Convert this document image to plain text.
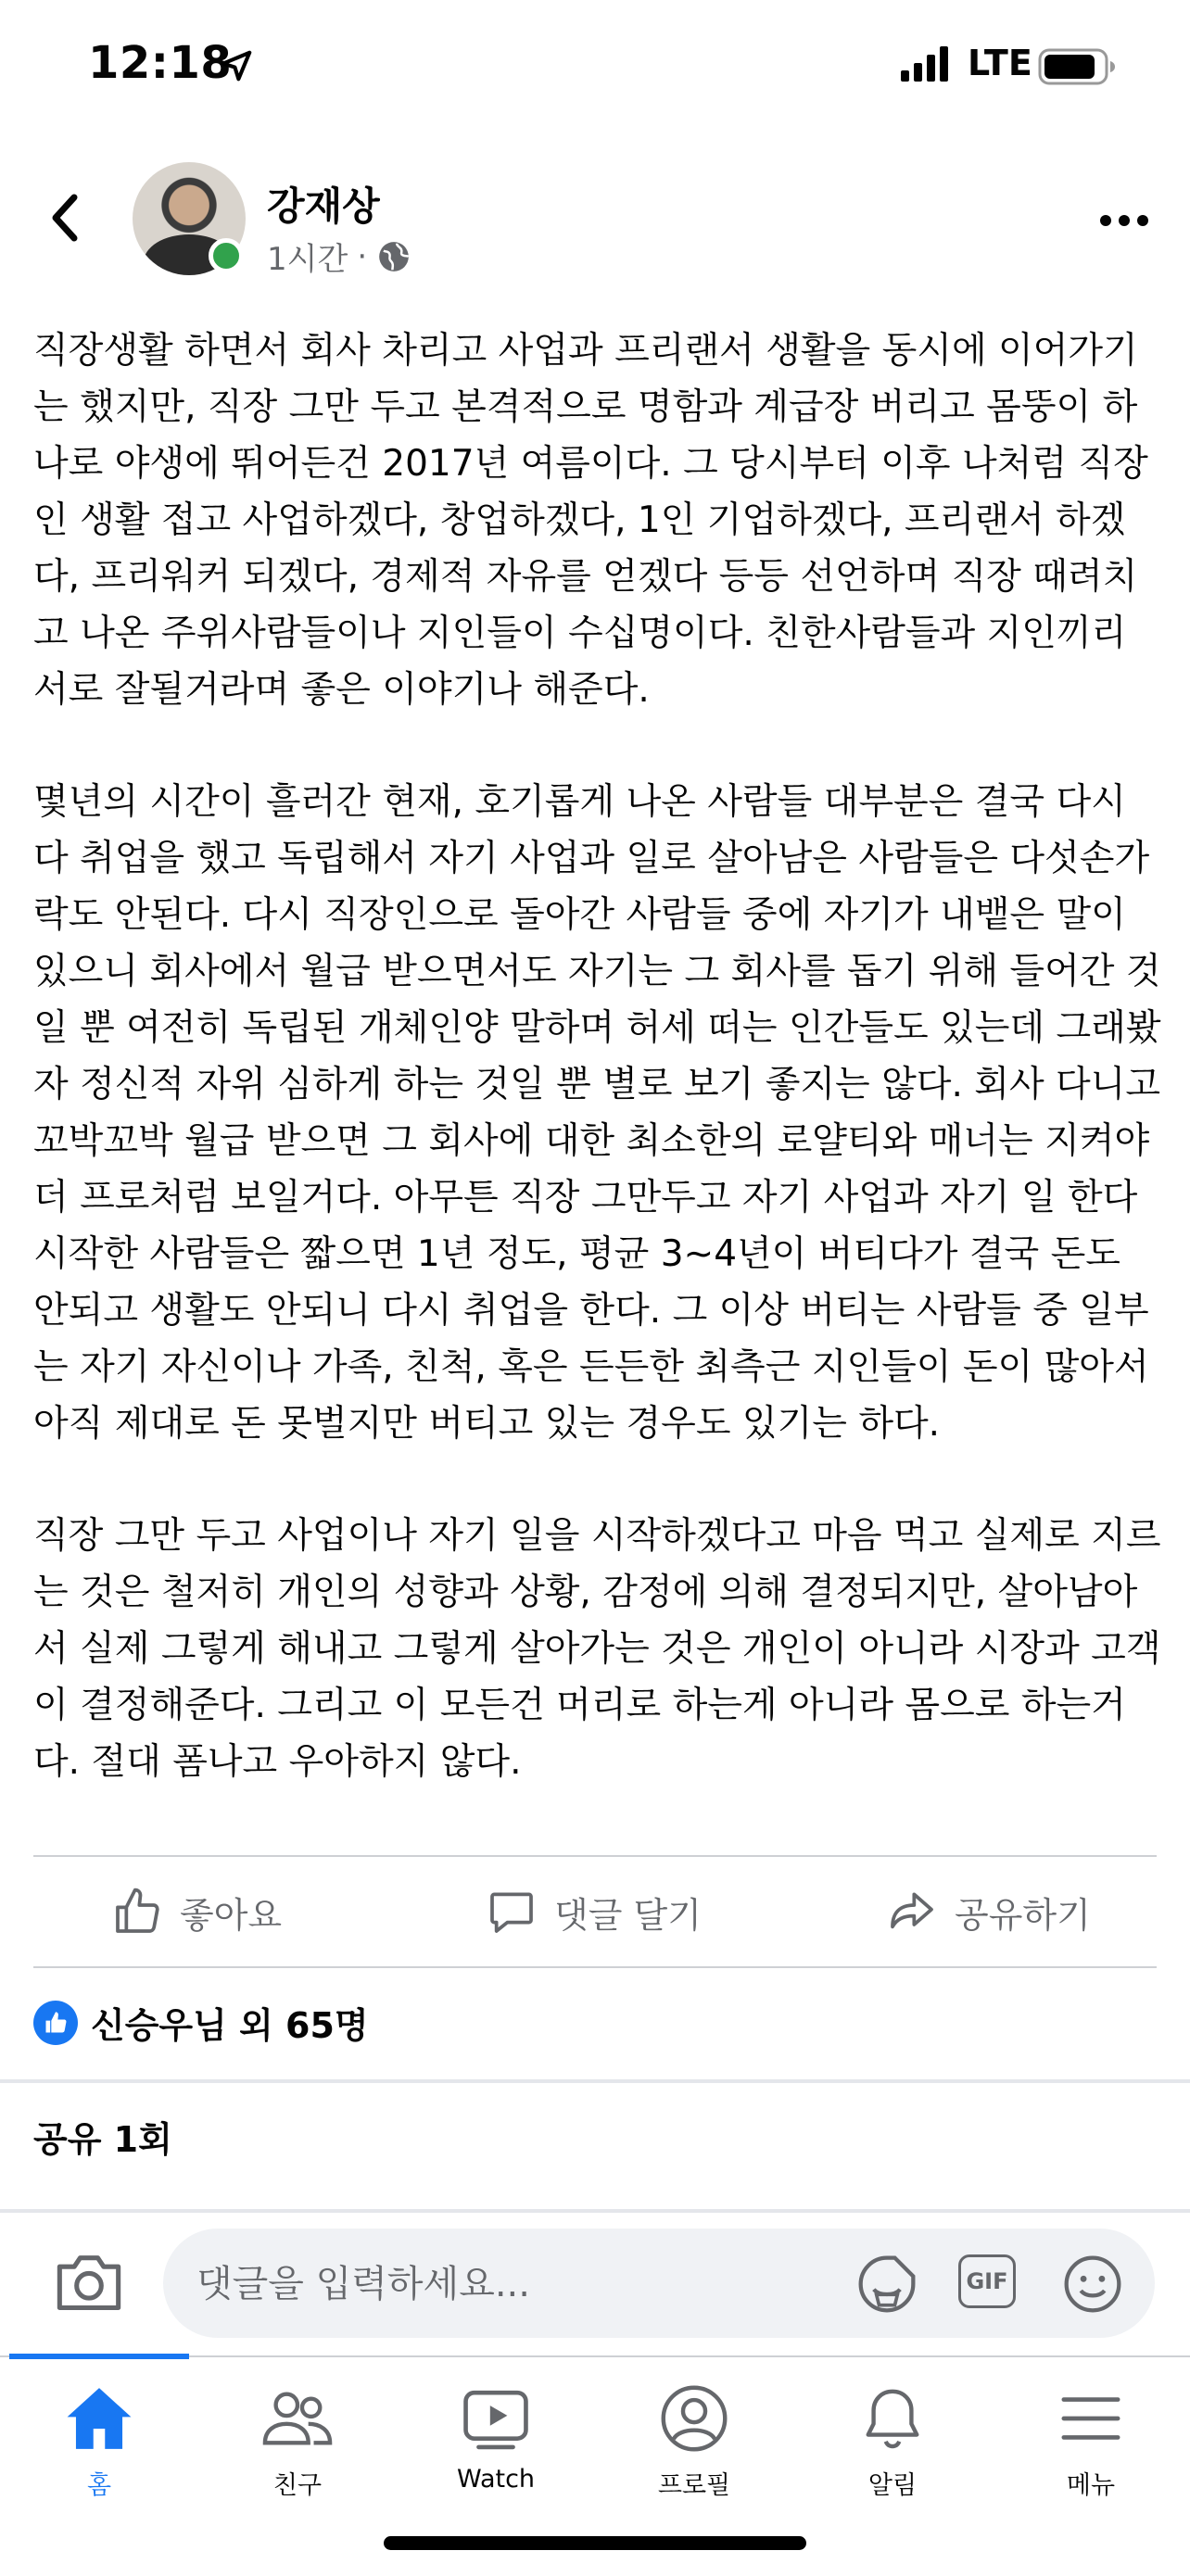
12:18	LTE
강재상
1시간 ·

직장생활 하면서 회사 차리고 사업과 프리랜서 생활을 동시에 이어가기는 했지만, 직장 그만 두고 본격적으로 명함과 계급장 버리고 몸뚱이 하나로 야생에 뛰어든건 2017년 여름이다. 그 당시부터 이후 나처럼 직장인 생활 접고 사업하겠다, 창업하겠다, 1인 기업하겠다, 프리랜서 하겠다, 프리워커 되겠다, 경제적 자유를 얻겠다 등등 선언하며 직장 때려치고 나온 주위사람들이나 지인들이 수십명이다. 친한사람들과 지인끼리 서로 잘될거라며 좋은 이야기나 해준다.

몇년의 시간이 흘러간 현재, 호기롭게 나온 사람들 대부분은 결국 다시 다 취업을 했고 독립해서 자기 사업과 일로 살아남은 사람들은 다섯손가락도 안된다. 다시 직장인으로 돌아간 사람들 중에 자기가 내뱉은 말이 있으니 회사에서 월급 받으면서도 자기는 그 회사를 돕기 위해 들어간 것일 뿐 여전히 독립된 개체인양 말하며 허세 떠는 인간들도 있는데 그래봤자 정신적 자위 심하게 하는 것일 뿐 별로 보기 좋지는 않다. 회사 다니고 꼬박꼬박 월급 받으면 그 회사에 대한 최소한의 로얄티와 매너는 지켜야 더 프로처럼 보일거다. 아무튼 직장 그만두고 자기 사업과 자기 일 한다 시작한 사람들은 짧으면 1년 정도, 평균 3~4년이 버티다가 결국 돈도 안되고 생활도 안되니 다시 취업을 한다. 그 이상 버티는 사람들 중 일부는 자기 자신이나 가족, 친척, 혹은 든든한 최측근 지인들이 돈이 많아서 아직 제대로 돈 못벌지만 버티고 있는 경우도 있기는 하다.

직장 그만 두고 사업이나 자기 일을 시작하겠다고 마음 먹고 실제로 지르는 것은 철저히 개인의 성향과 상황, 감정에 의해 결정되지만, 살아남아서 실제 그렇게 해내고 그렇게 살아가는 것은 개인이 아니라 시장과 고객이 결정해준다. 그리고 이 모든건 머리로 하는게 아니라 몸으로 하는거다. 절대 폼나고 우아하지 않다.

좋아요	댓글 달기	공유하기
신승우님 외 65명
공유 1회
댓글을 입력하세요...
GIF
홈	친구	Watch	프로필	알림	메뉴
